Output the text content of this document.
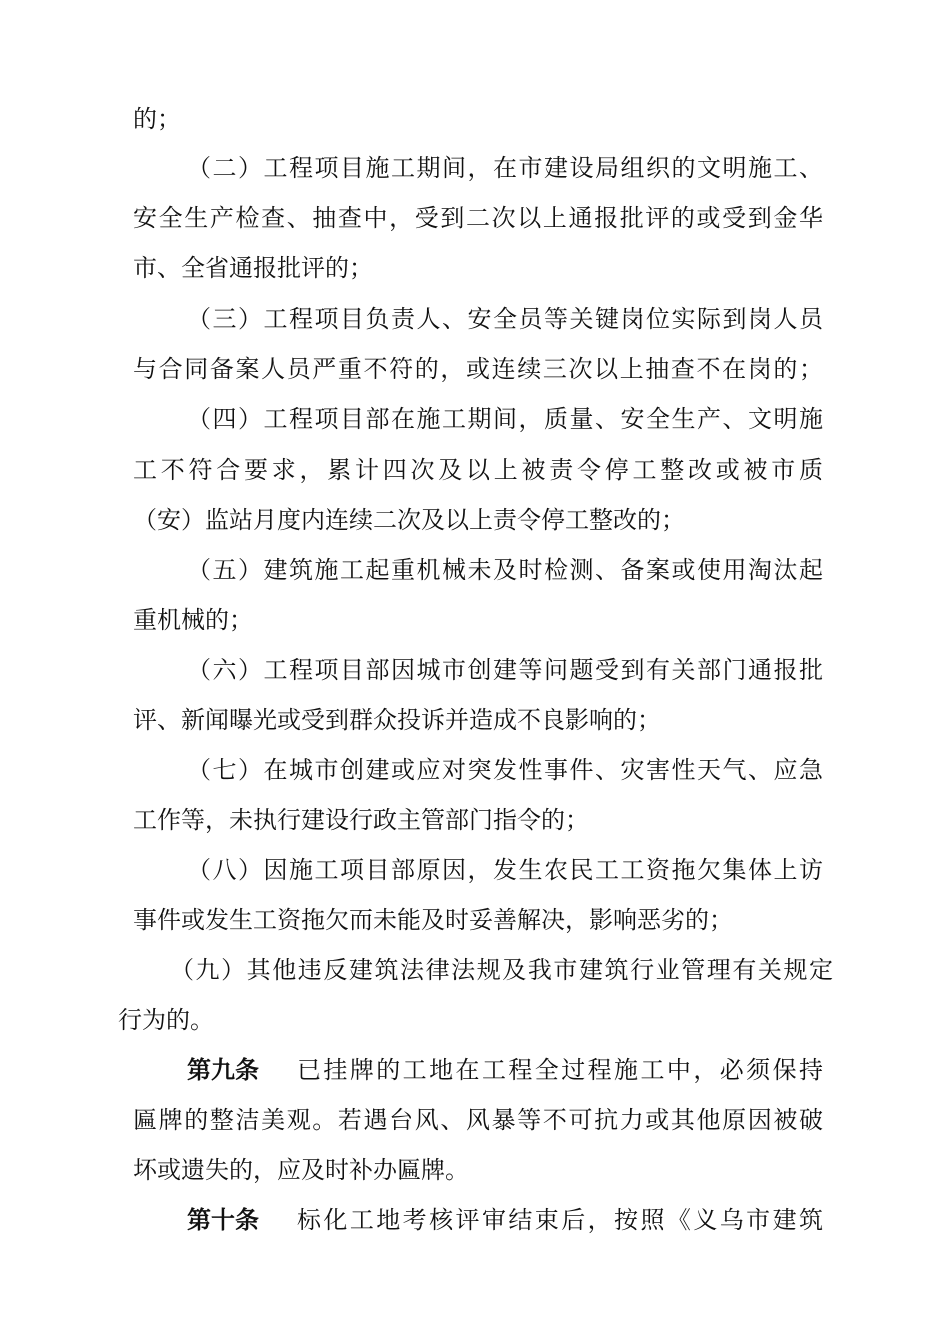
的；
（二）工程项目施工期间，在市建设局组织的文明施工、
安全生产检查、抽查中，受到二次以上通报批评的或受到金华
市、全省通报批评的；
（三）工程项目负责人、安全员等关键岗位实际到岗人员
与合同备案人员严重不符的，或连续三次以上抽查不在岗的；
（四）工程项目部在施工期间，质量、安全生产、文明施
工不符合要求，累计四次及以上被责令停工整改或被市质
（安）监站月度内连续二次及以上责令停工整改的；
（五）建筑施工起重机械未及时检测、备案或使用淘汰起
重机械的；
（六）工程项目部因城市创建等问题受到有关部门通报批
评、新闻曝光或受到群众投诉并造成不良影响的；
（七）在城市创建或应对突发性事件、灾害性天气、应急
工作等，未执行建设行政主管部门指令的；
（八）因施工项目部原因，发生农民工工资拖欠集体上访
事件或发生工资拖欠而未能及时妥善解决，影响恶劣的；
（九）其他违反建筑法律法规及我市建筑行业管理有关规定
行为的。
第九条 已挂牌的工地在工程全过程施工中，必须保持
匾牌的整洁美观。若遇台风、风暴等不可抗力或其他原因被破
坏或遗失的，应及时补办匾牌。
第十条 标化工地考核评审结束后，按照《义乌市建筑
